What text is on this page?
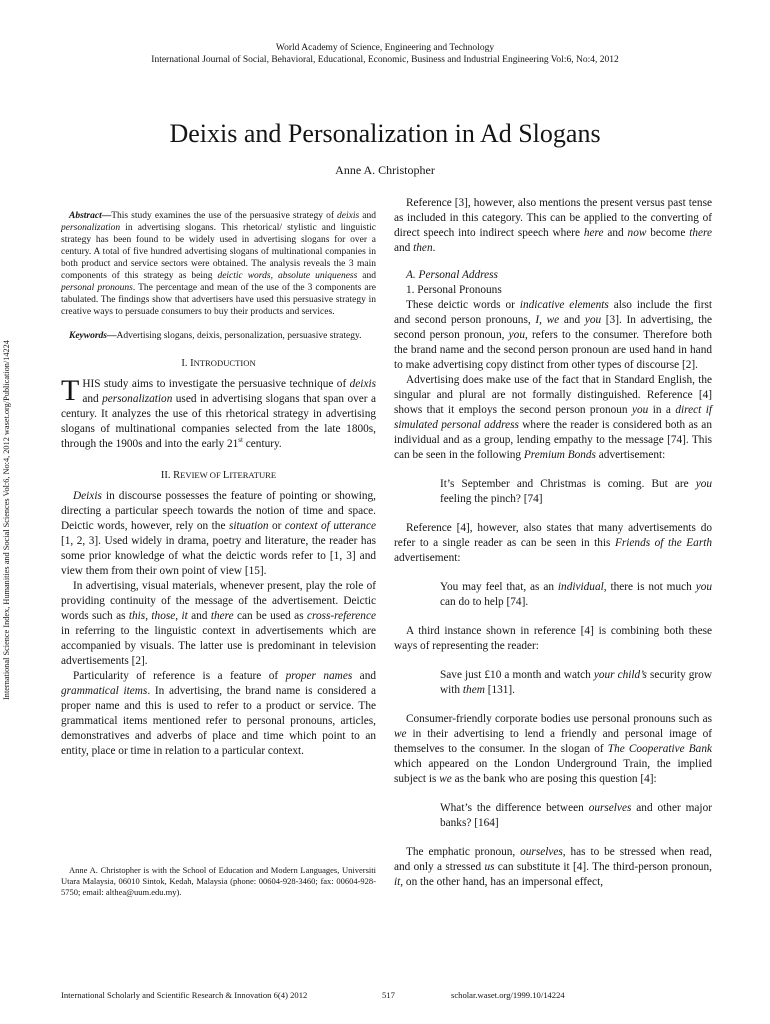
World Academy of Science, Engineering and Technology
International Journal of Social, Behavioral, Educational, Economic, Business and Industrial Engineering Vol:6, No:4, 2012
Deixis and Personalization in Ad Slogans
Anne A. Christopher
International Science Index, Humanities and Social Sciences Vol:6, No:4, 2012 waset.org/Publication/14224

Abstract—This study examines the use of the persuasive strategy of deixis and personalization in advertising slogans. This rhetorical/ stylistic and linguistic strategy has been found to be widely used in advertising slogans for over a century. A total of five hundred advertising slogans of multinational companies in both product and service sectors were obtained. The analysis reveals the 3 main components of this strategy as being deictic words, absolute uniqueness and personal pronouns. The percentage and mean of the use of the 3 components are tabulated. The findings show that advertisers have used this persuasive strategy in creative ways to persuade consumers to buy their products and services.

Keywords—Advertising slogans, deixis, personalization, persuasive strategy.

I. INTRODUCTION

THIS study aims to investigate the persuasive technique of deixis and personalization used in advertising slogans that span over a century. It analyzes the use of this rhetorical strategy in advertising slogans of multinational companies selected from the late 1800s, through the 1900s and into the early 21st century.

II. REVIEW OF LITERATURE

Deixis in discourse possesses the feature of pointing or showing, directing a particular speech towards the notion of time and space. Deictic words, however, rely on the situation or context of utterance [1, 2, 3]. Used widely in drama, poetry and literature, the reader has some prior knowledge of what the deictic words refer to [1, 3] and view them from their own point of view [15].

In advertising, visual materials, whenever present, play the role of providing continuity of the message of the advertisement. Deictic words such as this, those, it and there can be used as cross-reference in referring to the linguistic context in advertisements which are accompanied by visuals. The latter use is predominant in television advertisements [2].

Particularity of reference is a feature of proper names and grammatical items. In advertising, the brand name is considered a proper name and this is used to refer to a product or service. The grammatical items mentioned refer to personal pronouns, articles, demonstratives and adverbs of place and time which point to an entity, place or time in relation to a particular context.

Anne A. Christopher is with the School of Education and Modern Languages, Universiti Utara Malaysia, 06010 Sintok, Kedah, Malaysia (phone: 00604-928-3460; fax: 00604-928-5750; email: althea@uum.edu.my).

Reference [3], however, also mentions the present versus past tense as included in this category. This can be applied to the converting of direct speech into indirect speech where here and now become there and then.

A. Personal Address

1. Personal Pronouns

These deictic words or indicative elements also include the first and second person pronouns, I, we and you [3]. In advertising, the second person pronoun, you, refers to the consumer. Therefore both the brand name and the second person pronoun are used hand in hand to make advertising copy distinct from other types of discourse [2].

Advertising does make use of the fact that in Standard English, the singular and plural are not formally distinguished. Reference [4] shows that it employs the second person pronoun you in a direct if simulated personal address where the reader is considered both as an individual and as a group, lending empathy to the message [74]. This can be seen in the following Premium Bonds advertisement:

It’s September and Christmas is coming. But are you feeling the pinch? [74]

Reference [4], however, also states that many advertisements do refer to a single reader as can be seen in this Friends of the Earth advertisement:

You may feel that, as an individual, there is not much you can do to help [74].

A third instance shown in reference [4] is combining both these ways of representing the reader:

Save just £10 a month and watch your child’s security grow with them [131].

Consumer-friendly corporate bodies use personal pronouns such as we in their advertising to lend a friendly and personal image of themselves to the consumer. In the slogan of The Cooperative Bank which appeared on the London Underground Train, the implied subject is we as the bank who are posing this question [4]:

What’s the difference between ourselves and other major banks? [164]

The emphatic pronoun, ourselves, has to be stressed when read, and only a stressed us can substitute it [4]. The third-person pronoun, it, on the other hand, has an impersonal effect,

International Scholarly and Scientific Research & Innovation 6(4) 2012	517	scholar.waset.org/1999.10/14224
